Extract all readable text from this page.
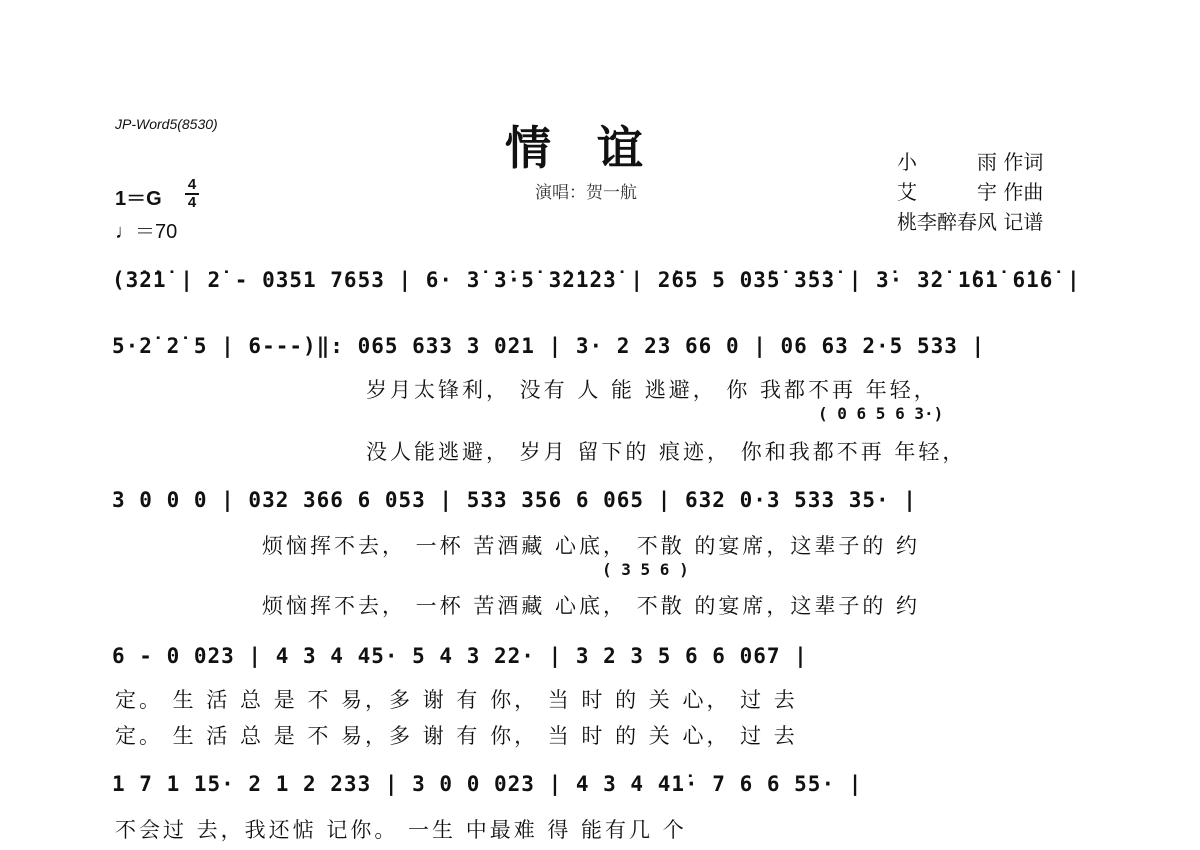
JP-Word5(8530)	情谊
演唱：贺一航
小　　　雨 作词
艾　　　宇 作曲
桃李醉春风 记谱
1＝G
4
4
♩＝70
(3̇2̇1̇ | 2̇ - 0351 7653 | 6· 3̇ 3̇·5̇ 3̇2̇1̇2̇3̇ | 2̇65 5 03̇5̇ 3̇5̇3̇ | 3̇· 3̇2̇ 1̇6̇1̇ 6̇1̇6̇ |
5·2̇ 2̇ 5 | 6---)‖: 065 633 3 021 | 3· 2 23 66 0 | 06 63 2·5 533 |
岁月太锋利， 没有 人 能 逃避， 你 我都不再 年轻，
( 0 6 5 6 3·)
没人能逃避， 岁月 留下的 痕迹， 你和我都不再 年轻，
3 0 0 0 | 032 366 6 053 | 533 356 6 065 | 632 0·3 533 35· |
烦恼挥不去， 一杯 苦酒藏 心底， 不散 的宴席，这辈子的 约
( 3 5 6 )
烦恼挥不去， 一杯 苦酒藏 心底， 不散 的宴席，这辈子的 约
6 - 0 023 | 4 3 4 45· 5 4 3 22· | 3 2 3 5 6 6 067 |
定。 生 活 总 是 不 易，多 谢 有 你， 当 时 的 关 心， 过 去
定。 生 活 总 是 不 易，多 谢 有 你， 当 时 的 关 心， 过 去
1 7 1 15· 2 1 2 233 | 3 0 0 023 | 4 3 4 41̇· 7 6 6 55· |
不会过 去，我还惦 记你。 一生 中最难 得 能有几 个
